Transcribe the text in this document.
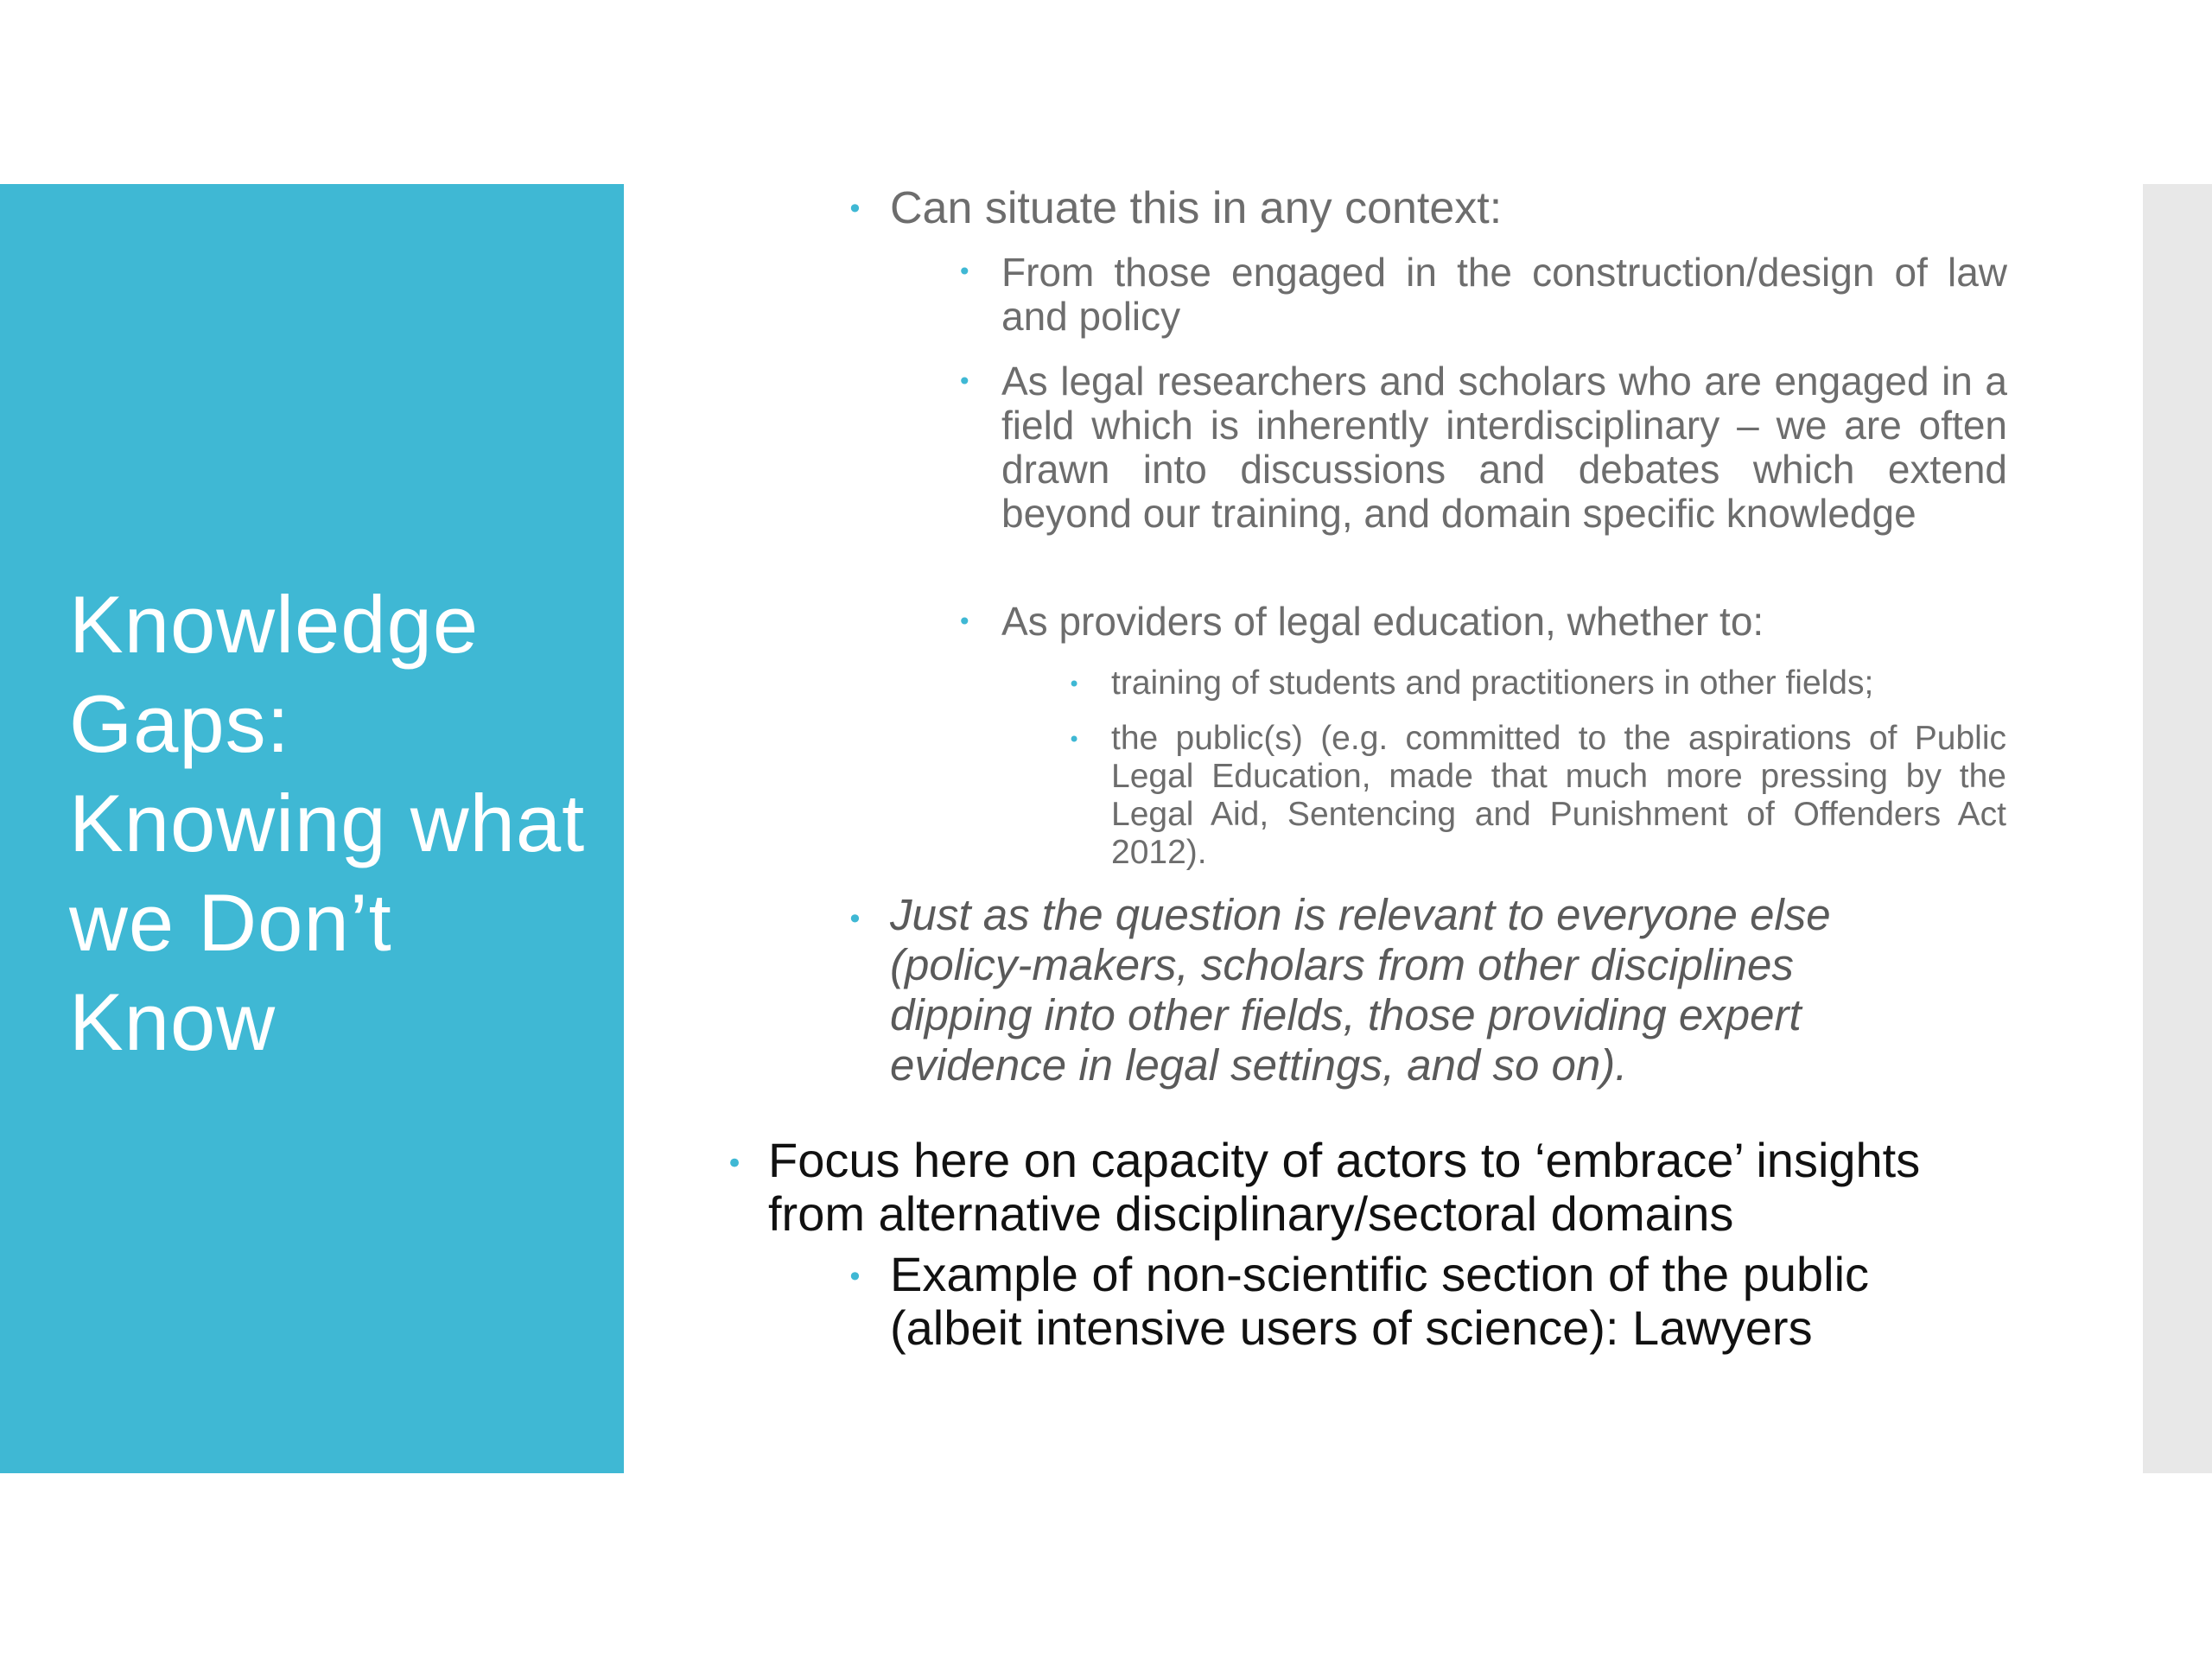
Knowledge Gaps: Knowing what we Don’t Know
• Can situate this in any context:

• From those engaged in the construction/design of law and policy

• As legal researchers and scholars who are engaged in a field which is inherently interdisciplinary – we are often drawn into discussions and debates which extend beyond our training, and domain specific knowledge

• As providers of legal education, whether to:

• training of students and practitioners in other fields;

• the public(s) (e.g. committed to the aspirations of Public Legal Education, made that much more pressing by the Legal Aid, Sentencing and Punishment of Offenders Act 2012).

• Just as the question is relevant to everyone else (policy-makers, scholars from other disciplines dipping into other fields, those providing expert evidence in legal settings, and so on).

• Focus here on capacity of actors to ‘embrace’ insights from alternative disciplinary/sectoral domains

• Example of non-scientific section of the public (albeit intensive users of science): Lawyers
